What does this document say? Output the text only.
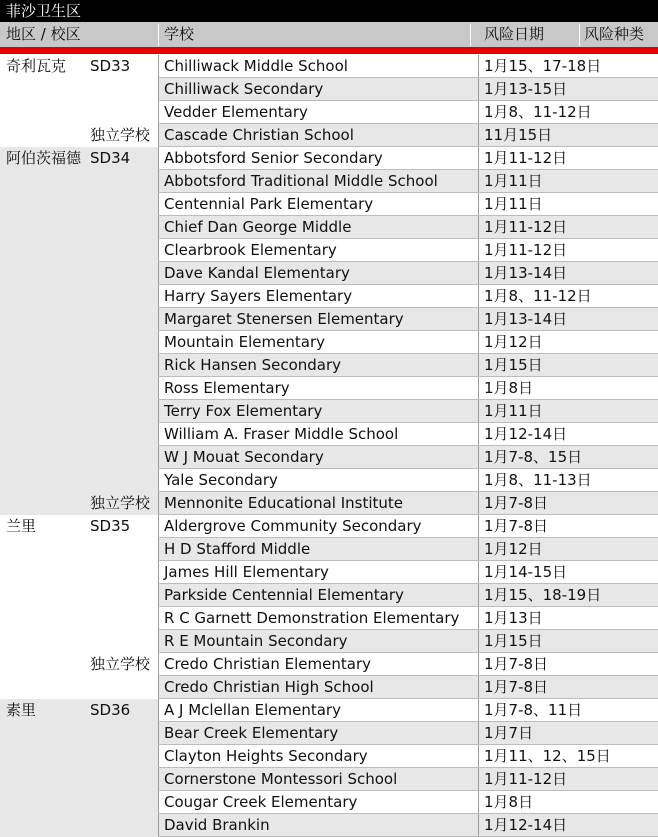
菲沙卫生区
地区 / 校区	学校	风险日期	风险种类
奇利瓦克 SD33 Chilliwack Middle School	1月15、17-18日
Chilliwack Secondary	1月13-15日
Vedder Elementary	1月8、11-12日
独立学校 Cascade Christian School	11月15日
阿伯茨福德 SD34 Abbotsford Senior Secondary	1月11-12日
Abbotsford Traditional Middle School	1月11日
Centennial Park Elementary	1月11日
Chief Dan George Middle	1月11-12日
Clearbrook Elementary	1月11-12日
Dave Kandal Elementary	1月13-14日
Harry Sayers Elementary	1月8、11-12日
Margaret Stenersen Elementary	1月13-14日
Mountain Elementary	1月12日
Rick Hansen Secondary	1月15日
Ross Elementary	1月8日
Terry Fox Elementary	1月11日
William A. Fraser Middle School	1月12-14日
W J Mouat Secondary	1月7-8、15日
Yale Secondary	1月8、11-13日
独立学校 Mennonite Educational Institute	1月7-8日
兰里	SD35 Aldergrove Community Secondary	1月7-8日
H D Stafford Middle	1月12日
James Hill Elementary	1月14-15日
Parkside Centennial Elementary	1月15、18-19日
R C Garnett Demonstration Elementary 1月13日
R E Mountain Secondary	1月15日
独立学校 Credo Christian Elementary	1月7-8日
Credo Christian High School	1月7-8日
素里	SD36 A J Mclellan Elementary	1月7-8、11日
Bear Creek Elementary	1月7日
Clayton Heights Secondary	1月11、12、15日
Cornerstone Montessori School	1月11-12日
Cougar Creek Elementary	1月8日
David Brankin	1月12-14日
